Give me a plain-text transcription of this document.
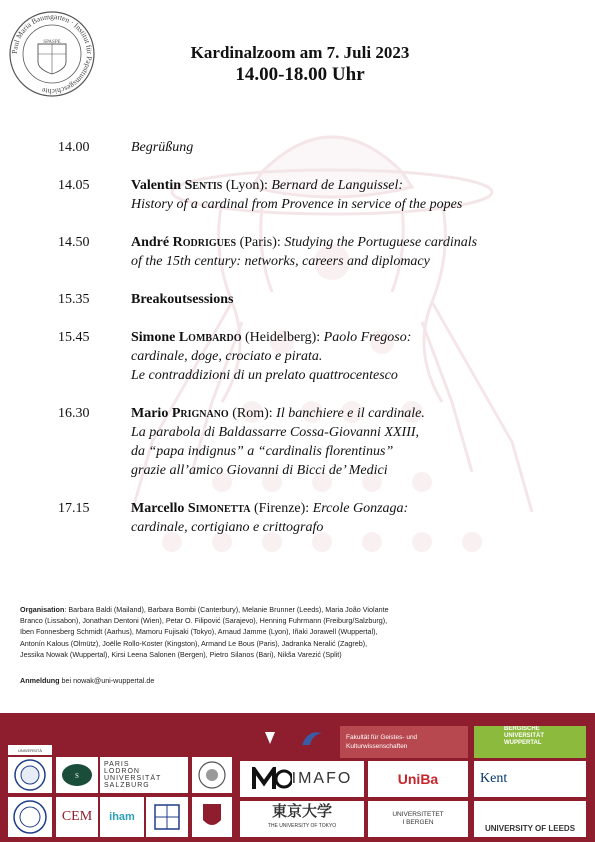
Paul Maria Baumgarten · Institut für Papsttumsgeschichte
SPASPE
Kardinalzoom am 7. Juli 2023
14.00-18.00 Uhr
14.00	Begrüßung
14.05	Valentin Sentis (Lyon): Bernard de Languissel:
History of a cardinal from Provence in service of the popes
14.50	André Rodrigues (Paris): Studying the Portuguese cardinals
of the 15th century: networks, careers and diplomacy
15.35	Breakoutsessions
15.45	Simone Lombardo (Heidelberg): Paolo Fregoso:
cardinale, doge, crociato e pirata.
Le contraddizioni di un prelato quattrocentesco
16.30	Mario Prignano (Rom): Il banchiere e il cardinale.
La parabola di Baldassarre Cossa-Giovanni XXIII,
da “papa indignus” a “cardinalis florentinus”
grazie all’amico Giovanni di Bicci de’ Medici
17.15	Marcello Simonetta (Firenze): Ercole Gonzaga:
cardinale, cortigiano e crittografo
Organisation: Barbara Baldi (Mailand), Barbara Bombi (Canterbury), Melanie Brunner (Leeds), Maria João Violante
Branco (Lissabon), Jonathan Dentoni (Wien), Petar O. Filipović (Sarajevo), Henning Fuhrmann (Freiburg/Salzburg),
Iben Fonnesberg Schmidt (Aarhus), Mamoru Fujisaki (Tokyo), Arnaud Jamme (Lyon), Iñaki Jorawell (Wuppertal),
Antonín Kalous (Olmütz), Joëlle Rollo-Koster (Kingston), Armand Le Bous (Paris), Jadranka Neralić (Zagreb),
Jessika Nowak (Wuppertal), Kirsi Leena Salonen (Bergen), Pietro Silanos (Bari), Nikša Varezić (Split)
Anmeldung bei nowak@uni-wuppertal.de
Fakultät für Geistes- und Kulturwissenschaften
BERGISCHE
UNIVERSITÄT
WUPPERTAL
UNIVERSITÀ
S
PARIS
LODRON
UNIVERSITÄT
SALZBURG
CEM iham
IMAFO	UniBa	Kent
東京大学
THE UNIVERSITY OF TOKYO
UNIVERSITETET
I BERGEN
UNIVERSITY OF LEEDS
